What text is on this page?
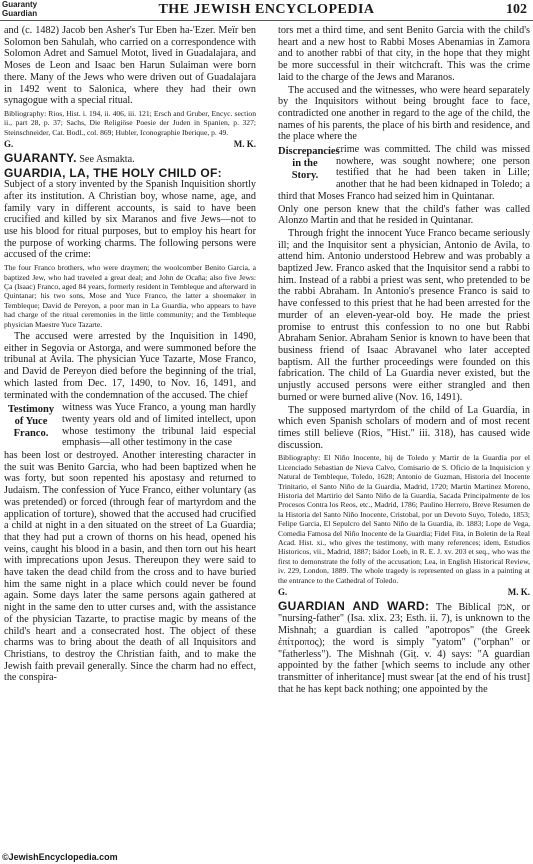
Guaranty
Guardian	THE JEWISH ENCYCLOPEDIA	102

and (c. 1482) Jacob ben Asher's Tur Eben ha-'Ezer. Meïr ben Solomon ben Sahulah, who carried on a correspondence with Solomon Adret and Samuel Motot, lived in Guadalajara, and Moses de Leon and Isaac ben Harun Sulaiman were born there. Many of the Jews who were driven out of Guadalajara in 1492 went to Salonica, where they had their own synagogue with a special ritual.

Bibliography: Rios, Hist. i. 194, ii. 406, iii. 121; Ersch and Gruber, Encyc. section ii., part 28, p. 37; Sachs, Die Religiöse Poesie der Juden in Spanien, p. 327; Steinschneider, Cat. Bodl., col. 869; Hubler, Iconographie Iberique, p. 49.

G.	M. K.

GUARANTY. See Asmakta.

GUARDIA, LA, THE HOLY CHILD OF:

Subject of a story invented by the Spanish Inquisition shortly after its institution. A Christian boy, whose name, age, and family vary in different accounts, is said to have been crucified and killed by six Maranos and five Jews—not to use his blood for ritual purposes, but to employ his heart for the purpose of working charms. The following persons were accused of the crime:

The four Franco brothers, who were draymen; the woolcomber Benito Garcia, a baptized Jew, who had traveled a great deal; and John de Ocaña; also five Jews: Ça (Isaac) Franco, aged 84 years, formerly resident in Tembleque and afterward in Quintanar; his two sons, Mose and Yuce Franco, the latter a shoemaker in Tembleque; David de Pereyon, a poor man in La Guardia, who appears to have had charge of the ritual ceremonies in the little community; and the Tembleque physician Maestre Yuce Tazarte.

The accused were arrested by the Inquisition in 1490, either in Segovia or Astorga, and were summoned before the tribunal at Avila. The physician Yuce Tazarte, Mose Franco, and David de Pereyon died before the beginning of the trial, which lasted from Dec. 17, 1490, to Nov. 16, 1491, and terminated with the condemnation of the accused. The chief

Testimony of Yuce Franco.

witness was Yuce Franco, a young man hardly twenty years old and of limited intellect, upon whose testimony the tribunal laid especial emphasis—all other testimony in the case

has been lost or destroyed. Another interesting character in the suit was Benito Garcia, who had been baptized when he was forty, but soon repented his apostasy and returned to Judaism. The confession of Yuce Franco, either voluntary (as was pretended) or forced (through fear of martyrdom and the application of torture), showed that the accused had crucified a child at night in a den situated on the street of La Guardia; that they had put a crown of thorns on his head, opened his veins, caught his blood in a basin, and then torn out his heart with imprecations upon Jesus. Thereupon they were said to have taken the dead child from the cross and to have buried him the same night in a place which could never be found again. Some days later the same persons again gathered at night in the same den to utter curses and, with the assistance of the physician Tazarte, to practise magic by means of the child's heart and a consecrated host. The object of these charms was to bring about the death of all Inquisitors and Christians, to destroy the Christian faith, and to make the Jewish faith prevail generally. Since the charm had no effect, the conspira-

tors met a third time, and sent Benito Garcia with the child's heart and a new host to Rabbi Moses Abenamias in Zamora and to another rabbi of that city, in the hope that they might be more successful in their witchcraft. This was the crime laid to the charge of the Jews and Maranos.

The accused and the witnesses, who were heard separately by the Inquisitors without being brought face to face, contradicted one another in regard to the age of the child, the names of his parents, the place of his birth and residence, and the place where the

Discrepancies in the Story.

crime was committed. The child was missed nowhere, was sought nowhere; one person testified that he had been taken in Lille; another that he had been kidnaped in Toledo; a third that Moses Franco had seized him in Quintanar.

Only one person knew that the child's father was called Alonzo Martin and that he resided in Quintanar.

Through fright the innocent Yuce Franco became seriously ill; and the Inquisitor sent a physician, Antonio de Avila, to attend him. Antonio understood Hebrew and was probably a baptized Jew. Franco asked that the Inquisitor send a rabbi to him. Instead of a rabbi a priest was sent, who pretended to be the rabbi Abraham. In Antonio's presence Franco is said to have confessed to this priest that he had been arrested for the murder of an eleven-year-old boy. He made the priest promise to entrust this confession to no one but Rabbi Abraham Senior. Abraham Senior is known to have been that business friend of Isaac Abravanel who later accepted baptism. All the further proceedings were founded on this fabrication. The child of La Guardia never existed, but the unjustly accused persons were either strangled and then burned or were burned alive (Nov. 16, 1491).

The supposed martyrdom of the child of La Guardia, in which even Spanish scholars of modern and of most recent times still believe (Rios, "Hist." iii. 318), has caused wide discussion.

Bibliography: El Niño Inocente, hij de Toledo y Martir de la Guardia por el Licenciado Sebastian de Nieva Calvo, Comisario de S. Oficio de la Inquisicion y Natural de Tembleque, Toledo, 1628; Antonio de Guzman, Historia del Inocente Trinitario, el Santo Niño de la Guardia, Madrid, 1720; Martin Martinez Moreno, Historia del Martirio del Santo Niño de la Guardia, Sacada Principalmente de los Procesos Contra los Reos, etc., Madrid, 1786; Paulino Herrero, Breve Resumen de la Historia del Santo Niño Inocente, Cristobal, por un Devoto Suyo, Toledo, 1853; Felipe Garcia, El Sepulcro del Santo Niño de la Guardia, ib. 1883; Lope de Vega, Comedia Famosa del Niño Inocente de la Guardia; Fidel Fita, in Boletin de la Real Acad. Hist. xi., who gives the testimony, with many references; idem, Estudios Historicos, vii., Madrid, 1887; Isidor Loeb, in R. E. J. xv. 203 et seq., who was the first to demonstrate the folly of the accusation; Lea, in English Historical Review, iv. 229, London, 1889. The whole tragedy is represented on glass in a painting at the entrance to the Cathedral of Toledo.

G.	M. K.

GUARDIAN AND WARD: The Biblical אמן, or "nursing-father" (Isa. xlix. 23; Esth. ii. 7), is unknown to the Mishnah; a guardian is called "apotropos" (the Greek ἐπίτροπος); the word is simply "yatom" ("orphan" or "fatherless"). The Mishnah (Giṭ. v. 4) says: "A guardian appointed by the father [which seems to include any other transmitter of inheritance] must swear [at the end of his trust] that he has kept back nothing; one appointed by the

©JewishEncyclopedia.com
